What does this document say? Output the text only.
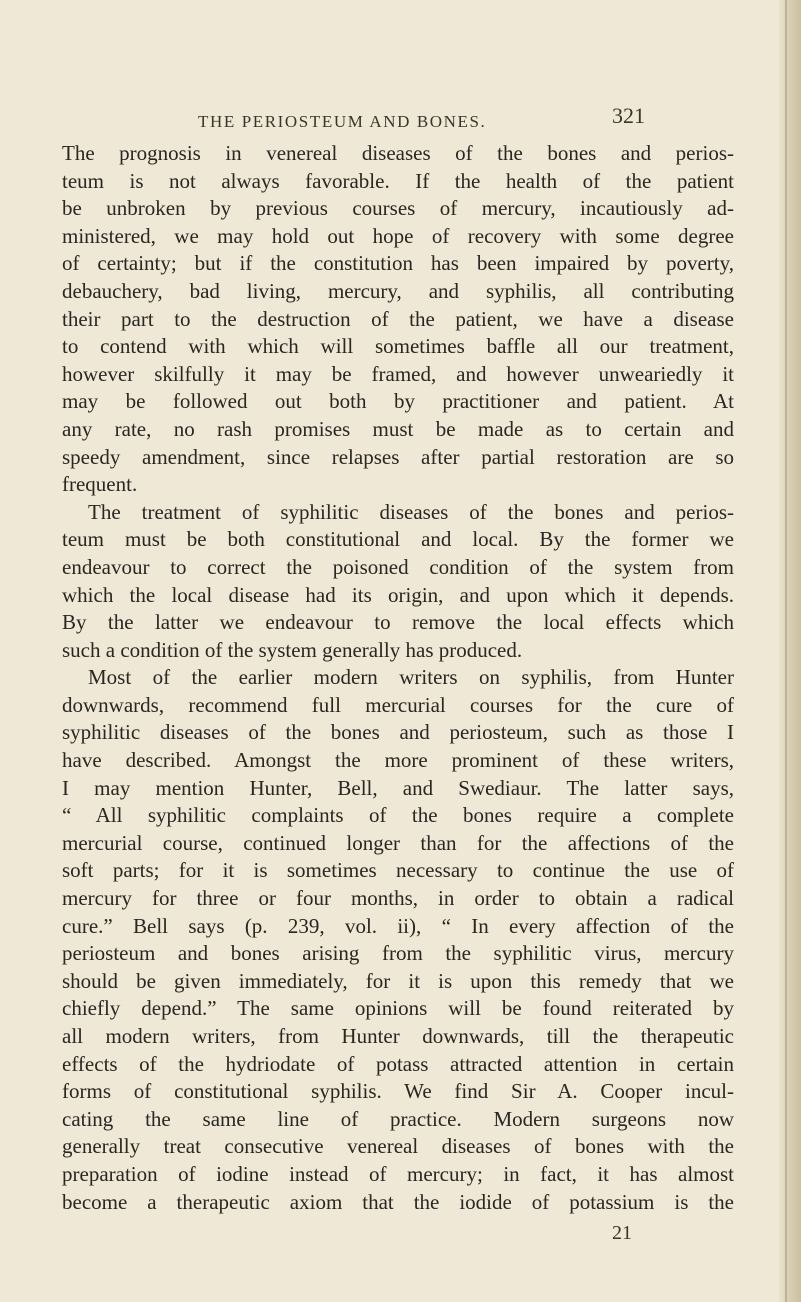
THE PERIOSTEUM AND BONES.	321
The prognosis in venereal diseases of the bones and perios-
teum is not always favorable. If the health of the patient
be unbroken by previous courses of mercury, incautiously ad-
ministered, we may hold out hope of recovery with some degree
of certainty; but if the constitution has been impaired by poverty,
debauchery, bad living, mercury, and syphilis, all contributing
their part to the destruction of the patient, we have a disease
to contend with which will sometimes baffle all our treatment,
however skilfully it may be framed, and however unweariedly it
may be followed out both by practitioner and patient. At
any rate, no rash promises must be made as to certain and
speedy amendment, since relapses after partial restoration are so
frequent.
The treatment of syphilitic diseases of the bones and perios-
teum must be both constitutional and local. By the former we
endeavour to correct the poisoned condition of the system from
which the local disease had its origin, and upon which it depends.
By the latter we endeavour to remove the local effects which
such a condition of the system generally has produced.
Most of the earlier modern writers on syphilis, from Hunter
downwards, recommend full mercurial courses for the cure of
syphilitic diseases of the bones and periosteum, such as those I
have described. Amongst the more prominent of these writers,
I may mention Hunter, Bell, and Swediaur. The latter says,
“ All syphilitic complaints of the bones require a complete
mercurial course, continued longer than for the affections of the
soft parts; for it is sometimes necessary to continue the use of
mercury for three or four months, in order to obtain a radical
cure.” Bell says (p. 239, vol. ii), “ In every affection of the
periosteum and bones arising from the syphilitic virus, mercury
should be given immediately, for it is upon this remedy that we
chiefly depend.” The same opinions will be found reiterated by
all modern writers, from Hunter downwards, till the therapeutic
effects of the hydriodate of potass attracted attention in certain
forms of constitutional syphilis. We find Sir A. Cooper incul-
cating the same line of practice. Modern surgeons now
generally treat consecutive venereal diseases of bones with the
preparation of iodine instead of mercury; in fact, it has almost
become a therapeutic axiom that the iodide of potassium is the
21
